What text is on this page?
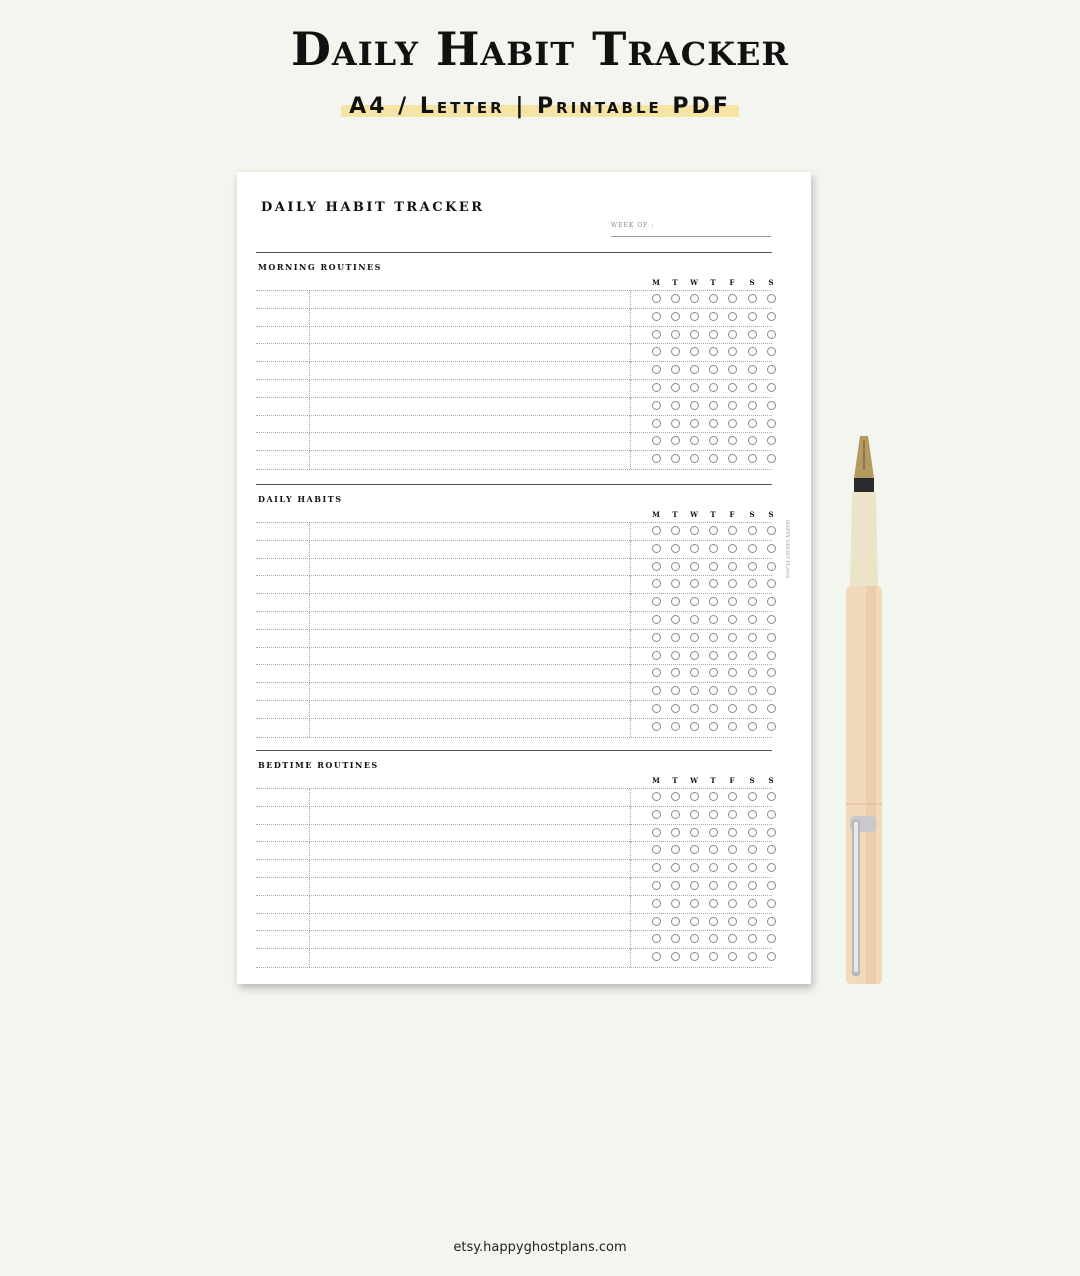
Daily Habit Tracker
A4 / Letter | Printable PDF
DAILY HABIT TRACKER
WEEK OF :
MORNING ROUTINES
M	T	W	T	F	S	S
DAILY HABITS
M	T	W	T	F	S	S
BEDTIME ROUTINES
M	T	W	T	F	S	S
HAPPY GHOST PLANS
etsy.happyghostplans.com
